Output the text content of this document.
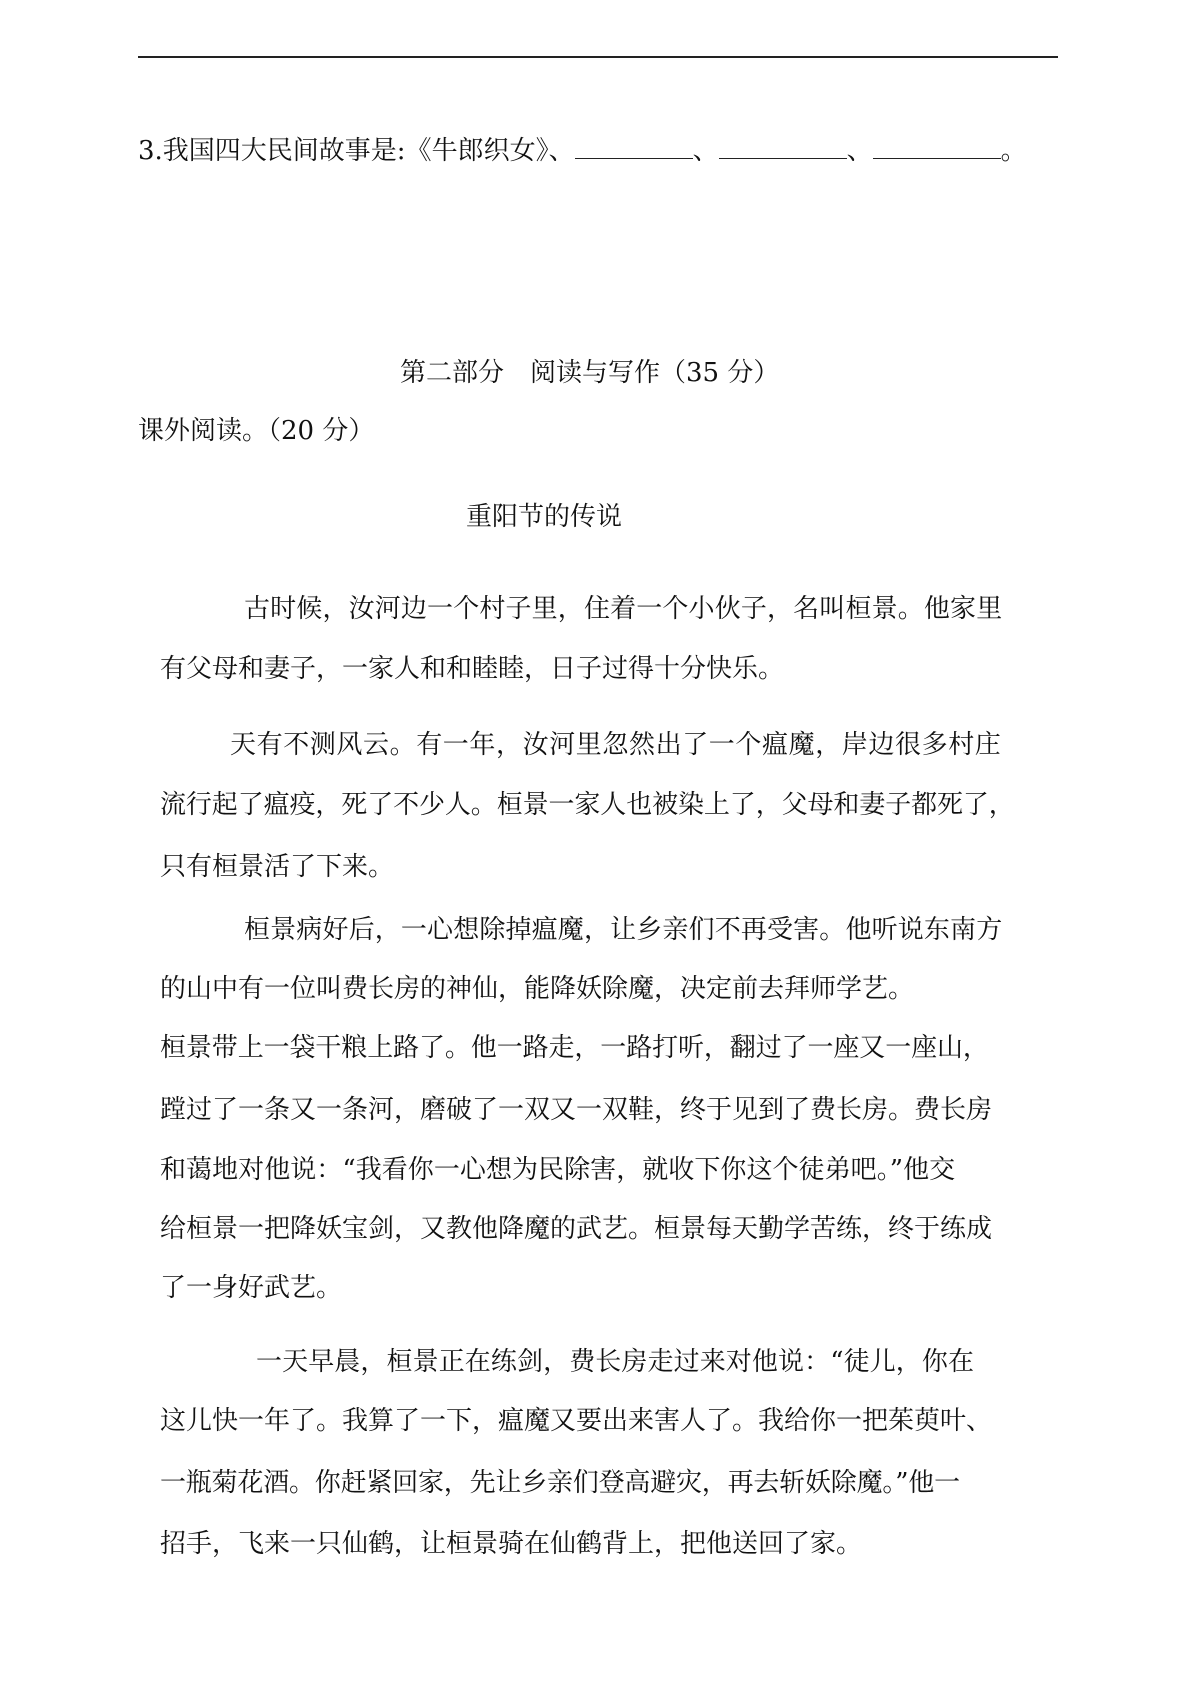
3.我国四大民间故事是:《牛郎织女》、	、	、	。
第二部分　阅读与写作（35 分）
课外阅读。（20 分）
重阳节的传说
古时候，汝河边一个村子里，住着一个小伙子，名叫桓景。他家里
有父母和妻子，一家人和和睦睦，日子过得十分快乐。
天有不测风云。有一年，汝河里忽然出了一个瘟魔，岸边很多村庄
流行起了瘟疫，死了不少人。桓景一家人也被染上了，父母和妻子都死了，
只有桓景活了下来。
桓景病好后，一心想除掉瘟魔，让乡亲们不再受害。他听说东南方
的山中有一位叫费长房的神仙，能降妖除魔，决定前去拜师学艺。
桓景带上一袋干粮上路了。他一路走，一路打听，翻过了一座又一座山，
蹚过了一条又一条河，磨破了一双又一双鞋，终于见到了费长房。费长房
和蔼地对他说：“我看你一心想为民除害，就收下你这个徒弟吧。”他交
给桓景一把降妖宝剑，又教他降魔的武艺。桓景每天勤学苦练，终于练成
了一身好武艺。
一天早晨，桓景正在练剑，费长房走过来对他说：“徒儿，你在
这儿快一年了。我算了一下，瘟魔又要出来害人了。我给你一把茱萸叶、
一瓶菊花酒。你赶紧回家，先让乡亲们登高避灾，再去斩妖除魔。”他一
招手，飞来一只仙鹤，让桓景骑在仙鹤背上，把他送回了家。
